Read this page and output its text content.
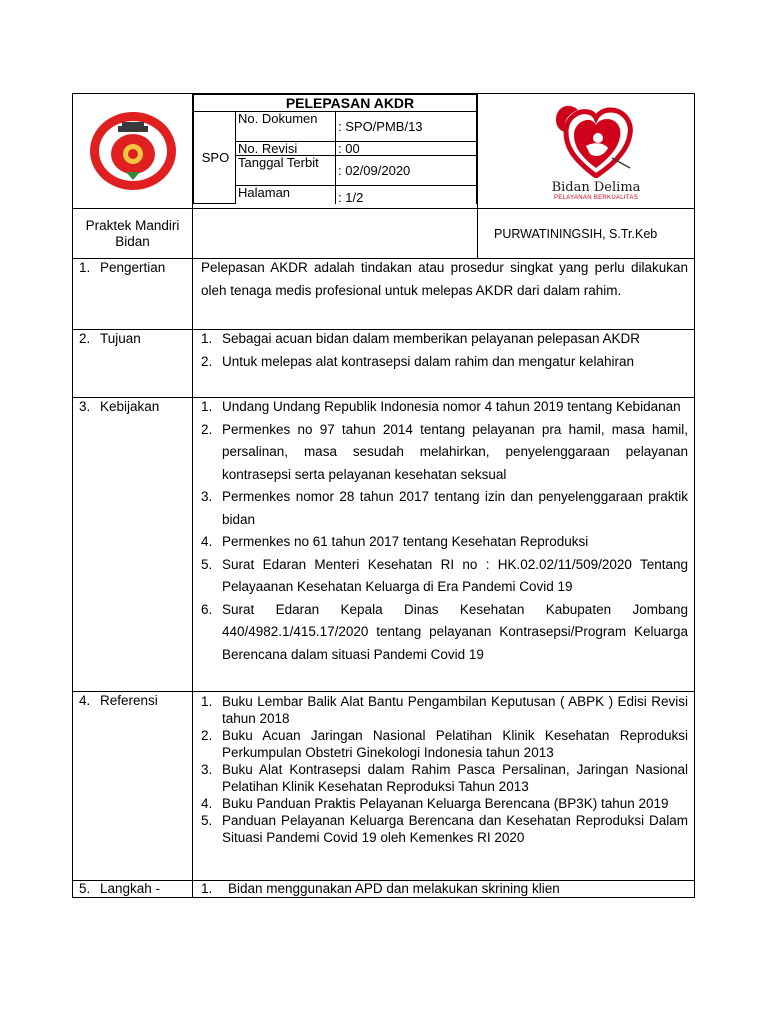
PELEPASAN AKDR
SPO	No. Dokumen	: SPO/PMB/13
No. Revisi	: 00
Tanggal Terbit	: 02/09/2020
Halaman	: 1/2

Bidan Delima
PELAYANAN BERKUALITAS

Praktek Mandiri Bidan		PURWATININGSIH, S.Tr.Keb
1. Pengertian	Pelepasan AKDR adalah tindakan atau prosedur singkat yang perlu dilakukan oleh tenaga medis profesional untuk melepas AKDR dari dalam rahim.

2. Tujuan	1. Sebagai acuan bidan dalam memberikan pelayanan pelepasan AKDR
2. Untuk melepas alat kontrasepsi dalam rahim dan mengatur kelahiran

3. Kebijakan	1. Undang Undang Republik Indonesia nomor 4 tahun 2019 tentang Kebidanan
2. Permenkes no 97 tahun 2014 tentang pelayanan pra hamil, masa hamil, persalinan, masa sesudah melahirkan, penyelenggaraan pelayanan kontrasepsi serta pelayanan kesehatan seksual
3. Permenkes nomor 28 tahun 2017 tentang izin dan penyelenggaraan praktik bidan
4. Permenkes no 61 tahun 2017 tentang Kesehatan Reproduksi
5. Surat Edaran Menteri Kesehatan RI no : HK.02.02/11/509/2020 Tentang Pelayaanan Kesehatan Keluarga di Era Pandemi Covid 19
6. Surat Edaran Kepala Dinas Kesehatan Kabupaten Jombang 440/4982.1/415.17/2020 tentang pelayanan Kontrasepsi/Program Keluarga Berencana dalam situasi Pandemi Covid 19

4. Referensi	1. Buku Lembar Balik Alat Bantu Pengambilan Keputusan ( ABPK ) Edisi Revisi tahun 2018
2. Buku Acuan Jaringan Nasional Pelatihan Klinik Kesehatan Reproduksi Perkumpulan Obstetri Ginekologi Indonesia tahun 2013
3. Buku Alat Kontrasepsi dalam Rahim Pasca Persalinan, Jaringan Nasional Pelatihan Klinik Kesehatan Reproduksi Tahun 2013
4. Buku Panduan Praktis Pelayanan Keluarga Berencana (BP3K) tahun 2019
5. Panduan Pelayanan Keluarga Berencana dan Kesehatan Reproduksi Dalam Situasi Pandemi Covid 19 oleh Kemenkes RI 2020

5. Langkah -	1. Bidan menggunakan APD dan melakukan skrining klien
